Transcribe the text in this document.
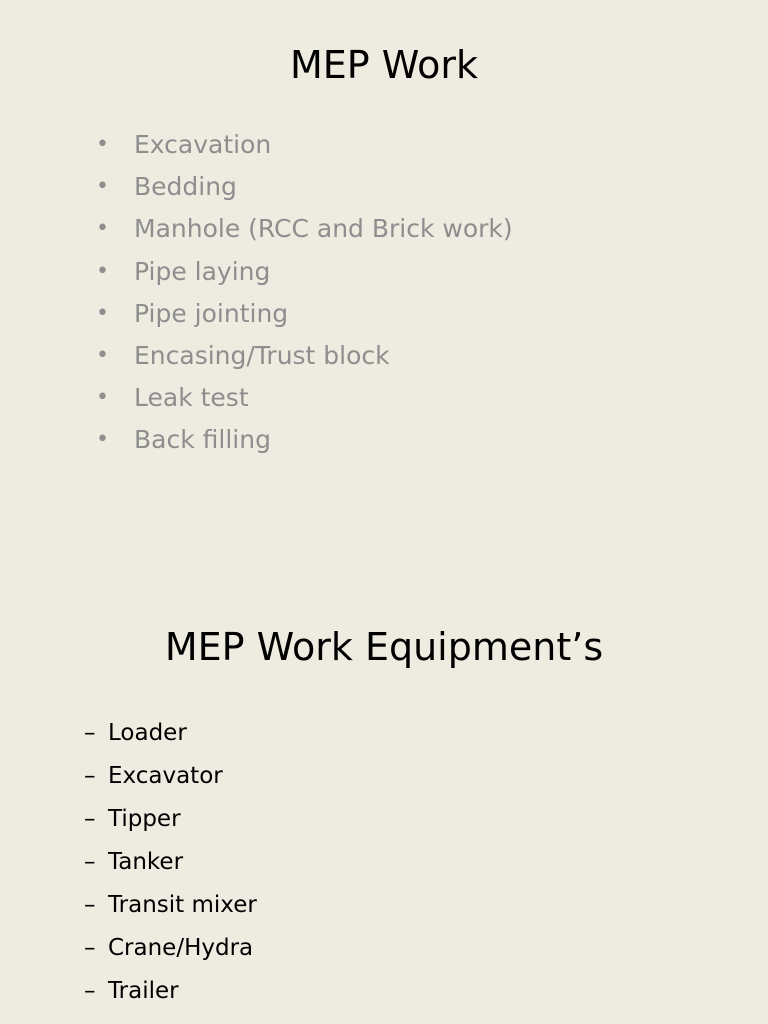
MEP Work
• Excavation
• Bedding
• Manhole (RCC and Brick work)
• Pipe laying
• Pipe jointing
• Encasing/Trust block
• Leak test
• Back filling
MEP Work Equipment’s
– Loader
– Excavator
– Tipper
– Tanker
– Transit mixer
– Crane/Hydra
– Trailer
